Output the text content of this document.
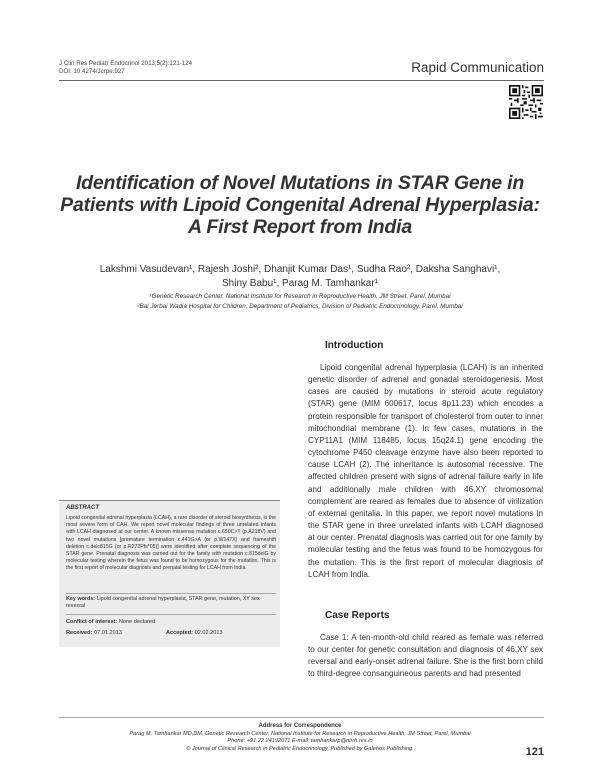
J Clin Res Pediatr Endocrinol 2013;5(2):121-124
DOI: 10.4274/Jcrpe.927	Rapid Communication
Identification of Novel Mutations in STAR Gene in
Patients with Lipoid Congenital Adrenal Hyperplasia:
A First Report from India
Lakshmi Vasudevan¹, Rajesh Joshi², Dhanjit Kumar Das¹, Sudha Rao², Daksha Sanghavi¹,
Shiny Babu¹, Parag M. Tamhankar¹
¹Genetic Research Center, National Institute for Research in Reproductive Health, JM Street, Parel, Mumbai
²Bai Jerbai Wadia Hospital for Children, Department of Pediatrics, Division of Pediatric Endocrinology, Parel, Mumbai
Introduction
Lipoid congenital adrenal hyperplasia (LCAH) is an inherited genetic disorder of adrenal and gonadal steroidogenesis. Most cases are caused by mutations in steroid acute regulatory (STAR) gene (MIM 600617, locus 8p11.23) which encodes a protein responsible for transport of cholesterol from outer to inner mitochondrial membrane (1). In few cases, mutations in the CYP11A1 (MIM 118485, locus 15q24.1) gene encoding the cytochrome P450 cleavage enzyme have also been reported to cause LCAH (2). The inheritance is autosomal recessive. The affected children present with signs of adrenal failure early in life and additionally male children with 46,XY chromosomal complement are reared as females due to absence of virilization of external genitalia. In this paper, we report novel mutations in the STAR gene in three unrelated infants with LCAH diagnosed at our center. Prenatal diagnosis was carried out for one family by molecular testing and the fetus was found to be homozygous for the mutation. This is the first report of molecular diagnosis of LCAH from India.
Case Reports
Case 1: A ten-month-old child reared as female was referred to our center for genetic consultation and diagnosis of 46,XY sex reversal and early-onset adrenal failure. She is the first born child to third-degree consanguineous parents and had presented
ABSTRACT
Lipoid congenital adrenal hyperplasia (LCAH), a rare disorder of steroid biosynthesis, is the most severe form of CAH. We report novel molecular findings of three unrelated infants with LCAH diagnosed at our center. A known missense mutation c.650C>T (p.A218V) and two novel mutations [premature termination c.441G>A (or p.W147X) and frameshift deletion c.delc815G (or p.R272Pfs*05)] were identified after complete sequencing of the STAR gene. Prenatal diagnosis was carried out for the family with mutation c.815delG by molecular testing wherein the fetus was found to be homozygous for the mutation. This is the first report of molecular diagnosis and prenatal testing for LCAH from India.
Key words: Lipoid congenital adrenal hyperplasia, STAR gene, mutation, XY sex reversal
Conflict of interest: None declared
Received: 07.01.2013	Accepted: 02.02.2013
Address for Correspondence
Parag M. Tamhankar MD,DM, Genetic Research Center, National Institute for Research in Reproductive Health, JM Street, Parel, Mumbai
Phone: +91 22 24192071 E-mail: tamhankarp@nirrh.res.in
© Journal of Clinical Research in Pediatric Endocrinology, Published by Galenos Publishing.	121
